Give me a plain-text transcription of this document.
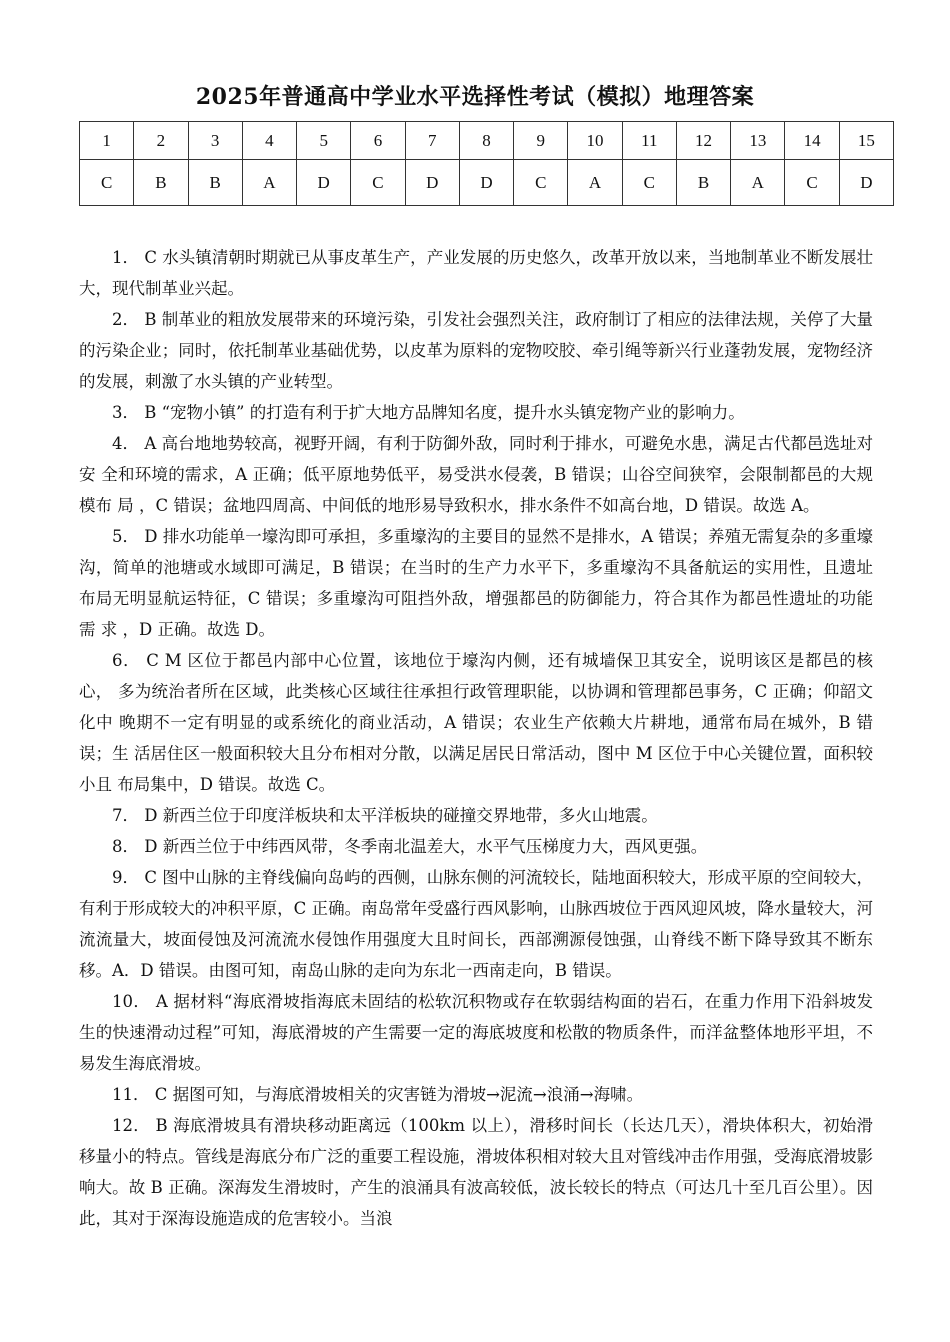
2025年普通高中学业水平选择性考试（模拟）地理答案
1	2	3	4	5	6	7	8	9	10	11	12	13	14	15
C	B	B	A	D	C	D	D	C	A	C	B	A	C	D

1． C 水头镇清朝时期就已从事皮革生产，产业发展的历史悠久，改革开放以来，当地制革业不断发展壮大，现代制革业兴起。

2． B 制革业的粗放发展带来的环境污染，引发社会强烈关注，政府制订了相应的法律法规，关停了大量的污染企业；同时，依托制革业基础优势，以皮革为原料的宠物咬胶、牵引绳等新兴行业蓬勃发展，宠物经济的发展，刺激了水头镇的产业转型。

3． B “宠物小镇” 的打造有利于扩大地方品牌知名度，提升水头镇宠物产业的影响力。

4． A 高台地地势较高，视野开阔，有利于防御外敌，同时利于排水，可避免水患，满足古代都邑选址对安 全和环境的需求，A 正确；低平原地势低平，易受洪水侵袭，B 错误；山谷空间狭窄，会限制都邑的大规模布 局 ，C 错误；盆地四周高、中间低的地形易导致积水，排水条件不如高台地，D 错误。故选 A。

5． D 排水功能单一壕沟即可承担，多重壕沟的主要目的显然不是排水，A 错误；养殖无需复杂的多重壕 沟，简单的池塘或水域即可满足，B 错误；在当时的生产力水平下，多重壕沟不具备航运的实用性，且遗址 布局无明显航运特征，C 错误；多重壕沟可阻挡外敌，增强都邑的防御能力，符合其作为都邑性遗址的功能 需 求 ，D 正确。故选 D。

6． C M 区位于都邑内部中心位置，该地位于壕沟内侧，还有城墙保卫其安全，说明该区是都邑的核心， 多为统治者所在区域，此类核心区域往往承担行政管理职能，以协调和管理都邑事务，C 正确；仰韶文化中 晚期不一定有明显的或系统化的商业活动，A 错误；农业生产依赖大片耕地，通常布局在城外，B 错误；生 活居住区一般面积较大且分布相对分散，以满足居民日常活动，图中 M 区位于中心关键位置，面积较小且 布局集中，D 错误。故选 C。

7． D 新西兰位于印度洋板块和太平洋板块的碰撞交界地带，多火山地震。

8． D 新西兰位于中纬西风带，冬季南北温差大，水平气压梯度力大，西风更强。

9． C 图中山脉的主脊线偏向岛屿的西侧，山脉东侧的河流较长，陆地面积较大，形成平原的空间较大，有利于形成较大的冲积平原，C 正确。南岛常年受盛行西风影响，山脉西坡位于西风迎风坡，降水量较大，河流流量大，坡面侵蚀及河流流水侵蚀作用强度大且时间长，西部溯源侵蚀强，山脊线不断下降导致其不断东移。A．D 错误。由图可知，南岛山脉的走向为东北一西南走向，B 错误。

10． A 据材料“海底滑坡指海底未固结的松软沉积物或存在软弱结构面的岩石，在重力作用下沿斜坡发生的快速滑动过程”可知，海底滑坡的产生需要一定的海底坡度和松散的物质条件，而洋盆整体地形平坦，不易发生海底滑坡。

11． C 据图可知，与海底滑坡相关的灾害链为滑坡→泥流→浪涌→海啸。

12． B 海底滑坡具有滑块移动距离远（100km 以上），滑移时间长（长达几天），滑块体积大，初始滑移量小的特点。管线是海底分布广泛的重要工程设施，滑坡体积相对较大且对管线冲击作用强，受海底滑坡影响大。故 B 正确。深海发生滑坡时，产生的浪涌具有波高较低，波长较长的特点（可达几十至几百公里）。因此，其对于深海设施造成的危害较小。当浪
